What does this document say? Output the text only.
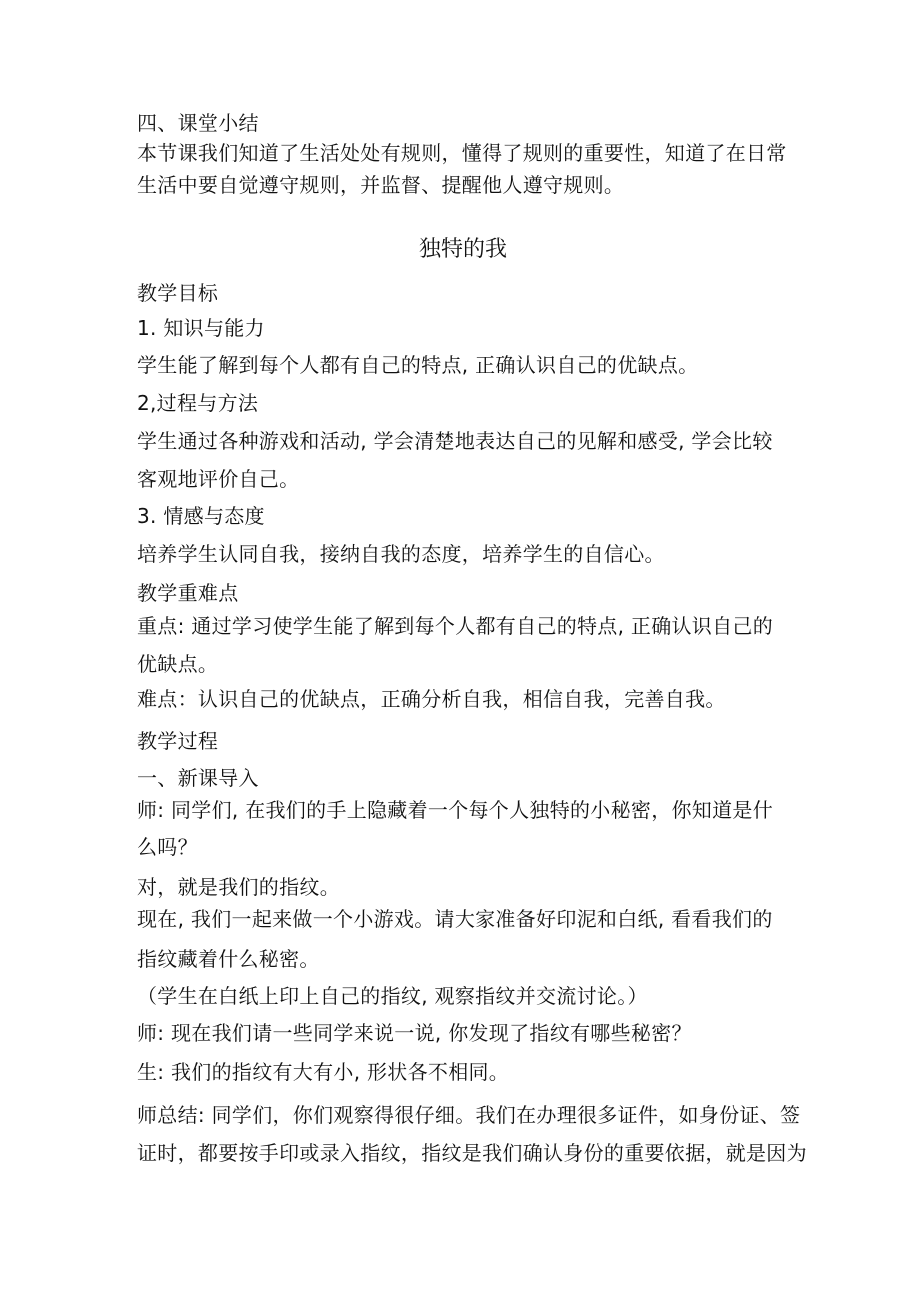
四、课堂小结
本节课我们知道了生活处处有规则，懂得了规则的重要性，知道了在日常
生活中要自觉遵守规则，并监督、提醒他人遵守规则。
独特的我
教学目标
1. 知识与能力
学生能了解到每个人都有自己的特点, 正确认识自己的优缺点。
2,过程与方法
学生通过各种游戏和活动, 学会清楚地表达自己的见解和感受, 学会比较
客观地评价自己。
3. 情感与态度
培养学生认同自我，接纳自我的态度，培养学生的自信心。
教学重难点
重点: 通过学习使学生能了解到每个人都有自己的特点, 正确认识自己的
优缺点。
难点：认识自己的优缺点，正确分析自我，相信自我，完善自我。
教学过程
一、新课导入
师: 同学们, 在我们的手上隐藏着一个每个人独特的小秘密，你知道是什
么吗？
对，就是我们的指纹。
现在, 我们一起来做一个小游戏。请大家准备好印泥和白纸, 看看我们的
指纹藏着什么秘密。
（学生在白纸上印上自己的指纹, 观察指纹并交流讨论。）
师: 现在我们请一些同学来说一说, 你发现了指纹有哪些秘密？
生: 我们的指纹有大有小, 形状各不相同。
师总结: 同学们，你们观察得很仔细。我们在办理很多证件，如身份证、签
证时，都要按手印或录入指纹，指纹是我们确认身份的重要依据，就是因为
